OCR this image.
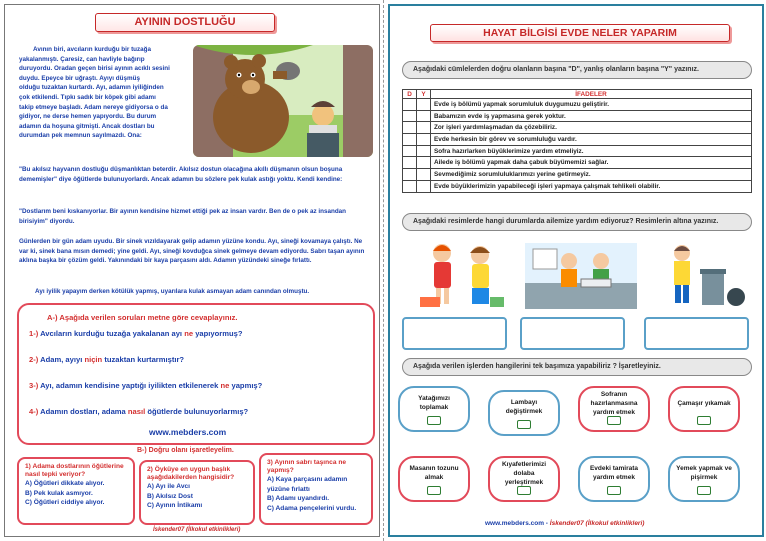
AYININ DOSTLUĞU
Avının biri, avcıların kurduğu bir tuzağa
yakalanmıştı. Çaresiz, can havliyle bağırıp
duruyordu. Oradan geçen birisi ayının acıklı sesini
duydu. Epeyce bir uğraştı. Ayıyı düşmüş
olduğu tuzaktan kurtardı. Ayı, adamın iyiliğinden
çok etkilendi. Tıpkı sadık bir köpek gibi adamı
takip etmeye başladı. Adam nereye gidiyorsa o da
gidiyor, ne derse hemen yapıyordu. Bu durum
adamın da hoşuna gitmişti. Ancak dostları bu
durumdan pek memnun sayılmazdı. Ona:
"Bu akılsız hayvanın dostluğu düşmanlıktan beterdir. Akılsız dostun olacağına akıllı düşmanın olsun boşuna dememişler" diye öğütlerde bulunuyorlardı. Ancak adamın bu sözlere pek kulak astığı yoktu. Kendi kendine:
"Dostlarım beni kıskanıyorlar. Bir ayının kendisine hizmet ettiği pek az insan vardır. Ben de o pek az insandan birisiyim" diyordu.
Günlerden bir gün adam uyudu. Bir sinek vızıldayarak gelip adamın yüzüne kondu. Ayı, sineği kovamaya çalıştı. Ne var ki, sinek bana mısın demedi; yine geldi. Ayı, sineği kovduğca sinek gelmeye devam ediyordu. Sabrı taşan ayının aklına başka bir çözüm geldi. Yakınındaki bir kaya parçasını aldı. Adamın yüzündeki sineğe fırlattı.
Ayı iyilik yapayım derken kötülük yapmış, uyarılara kulak asmayan adam canından olmuştu.
A-) Aşağıda verilen soruları metne göre cevaplayınız.
1-) Avcıların kurduğu tuzağa yakalanan ayı ne yapıyormuş?
2-) Adam, ayıyı niçin tuzaktan kurtarmıştır?
3-) Ayı, adamın kendisine yaptığı iyilikten etkilenerek ne yapmış?
4-) Adamın dostları, adama nasıl öğütlerde bulunuyorlarmış?
www.mebders.com
B-) Doğru olanı işaretleyelim.
1) Adama dostlarının öğütlerine nasıl tepki veriyor?
A) Öğütleri dikkate alıyor.
B) Pek kulak asmıyor.
C) Öğütleri ciddiye alıyor.
2) Öyküye en uygun başlık aşağıdakilerden hangisidir?
A) Ayı ile Avcı
B) Akılsız Dost
C) Ayının İntikamı
3) Ayının sabrı taşınca ne yapmış?
A) Kaya parçasını adamın yüzüne fırlattı
B) Adamı uyandırdı.
C) Adama pençelerini vurdu.
İskender07 (İlkokul etkinlikleri)
HAYAT BİLGİSİ EVDE NELER YAPARIM
Aşağıdaki cümlelerden doğru olanların başına "D", yanlış olanların başına "Y" yazınız.
D	Y	İFADELER
		Evde iş bölümü yapmak sorumluluk duygumuzu geliştirir.
		Babamızın evde iş yapmasına gerek yoktur.
		Zor işleri yardımlaşmadan da çözebiliriz.
		Evde herkesin bir görev ve sorumluluğu vardır.
		Sofra hazırlarken büyüklerimize yardım etmeliyiz.
		Ailede iş bölümü yapmak daha çabuk büyümemizi sağlar.
		Sevmediğimiz sorumluluklarımızı yerine getirmeyiz.
		Evde büyüklerimizin yapabileceği işleri yapmaya çalışmak tehlikeli olabilir.
Aşağıdaki resimlerde hangi durumlarda ailemize yardım ediyoruz? Resimlerin altına yazınız.
Aşağıda verilen işlerden hangilerini tek başımıza yapabiliriz ? İşaretleyiniz.
Yatağımızı toplamak
Lambayı değiştirmek
Sofranın hazırlanmasına yardım etmek
Çamaşır yıkamak
Masanın tozunu almak
Kıyafetlerimizi dolaba yerleştirmek
Evdeki tamirata yardım etmek
Yemek yapmak ve pişirmek
www.mebders.com - İskender07 (İlkokul etkinlikleri)
